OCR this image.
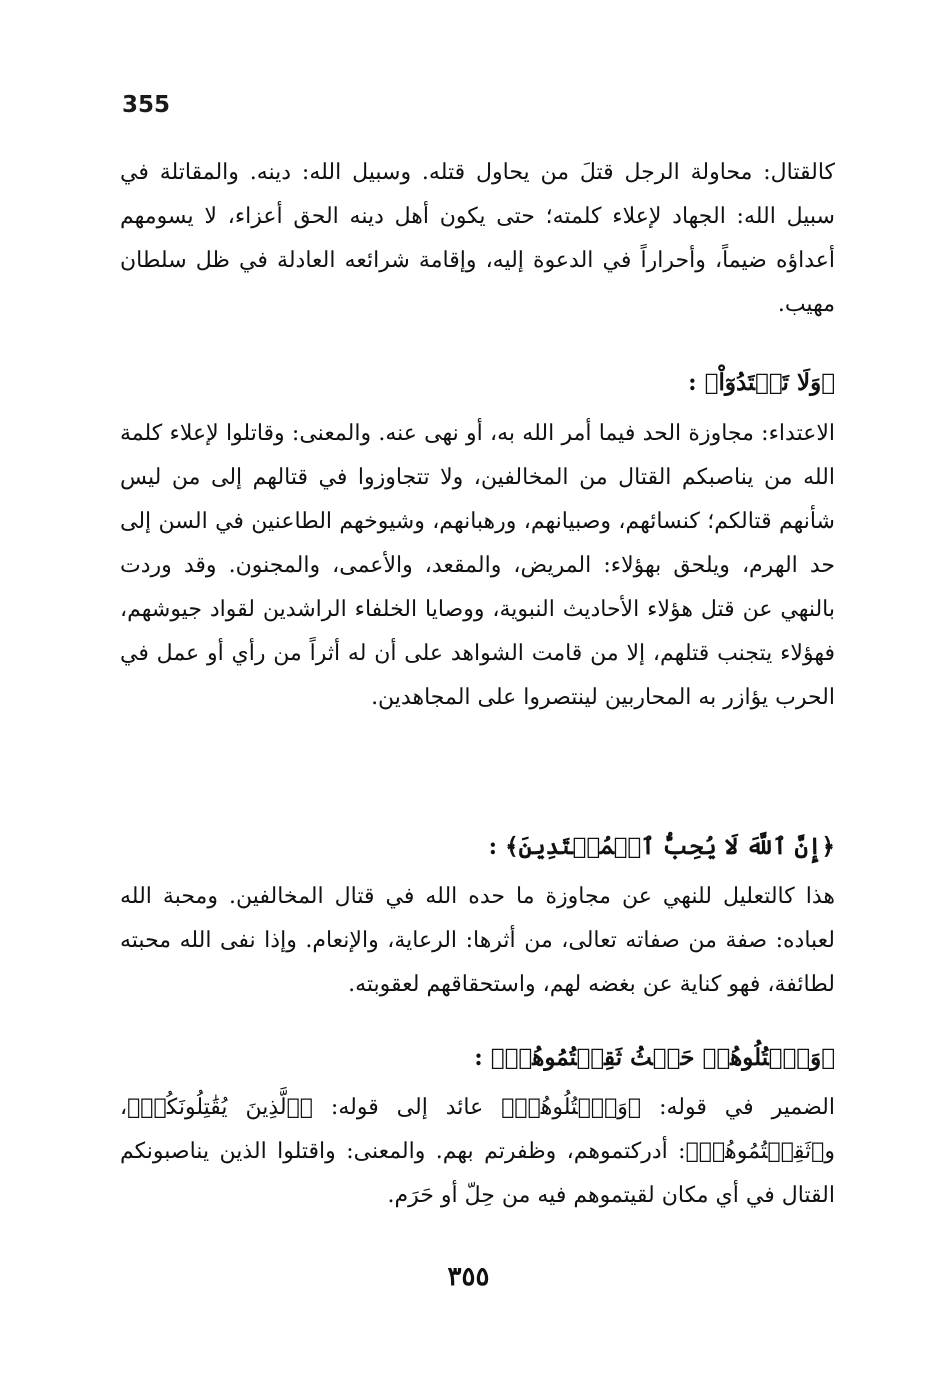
355

كالقتال: محاولة الرجل قتلَ من يحاول قتله. وسبيل الله: دينه. والمقاتلة في سبيل الله: الجهاد لإعلاء كلمته؛ حتى يكون أهل دينه الحق أعزاء، لا يسومهم أعداؤه ضيماً، وأحراراً في الدعوة إليه، وإقامة شرائعه العادلة في ظل سلطان مهيب.

﴿وَلَا تَعۡتَدُوٓاْ﴾ :

الاعتداء: مجاوزة الحد فيما أمر الله به، أو نهى عنه. والمعنى: وقاتلوا لإعلاء كلمة الله من يناصبكم القتال من المخالفين، ولا تتجاوزوا في قتالهم إلى من ليس شأنهم قتالكم؛ كنسائهم، وصبيانهم، ورهبانهم، وشيوخهم الطاعنين في السن إلى حد الهرم، ويلحق بهؤلاء: المريض، والمقعد، والأعمى، والمجنون. وقد وردت بالنهي عن قتل هؤلاء الأحاديث النبوية، ووصايا الخلفاء الراشدين لقواد جيوشهم، فهؤلاء يتجنب قتلهم، إلا من قامت الشواهد على أن له أثراً من رأي أو عمل في الحرب يؤازر به المحاربين لينتصروا على المجاهدين.

﴿إِنَّ ٱللَّهَ لَا يُحِبُّ ٱلۡمُعۡتَدِينَ﴾ :

هذا كالتعليل للنهي عن مجاوزة ما حده الله في قتال المخالفين. ومحبة الله لعباده: صفة من صفاته تعالى، من أثرها: الرعاية، والإنعام. وإذا نفى الله محبته لطائفة، فهو كناية عن بغضه لهم، واستحقاقهم لعقوبته.

﴿وَٱقۡتُلُوهُمۡ حَيۡثُ ثَقِفۡتُمُوهُمۡ﴾ :

الضمير في قوله: ﴿وَٱقۡتُلُوهُمۡ﴾ عائد إلى قوله: ﴿ٱلَّذِينَ يُقَٰتِلُونَكُمۡ﴾، و﴿ثَقِفۡتُمُوهُمۡ﴾: أدركتموهم، وظفرتم بهم. والمعنى: واقتلوا الذين يناصبونكم القتال في أي مكان لقيتموهم فيه من حِلّ أو حَرَم.

٣٥٥
